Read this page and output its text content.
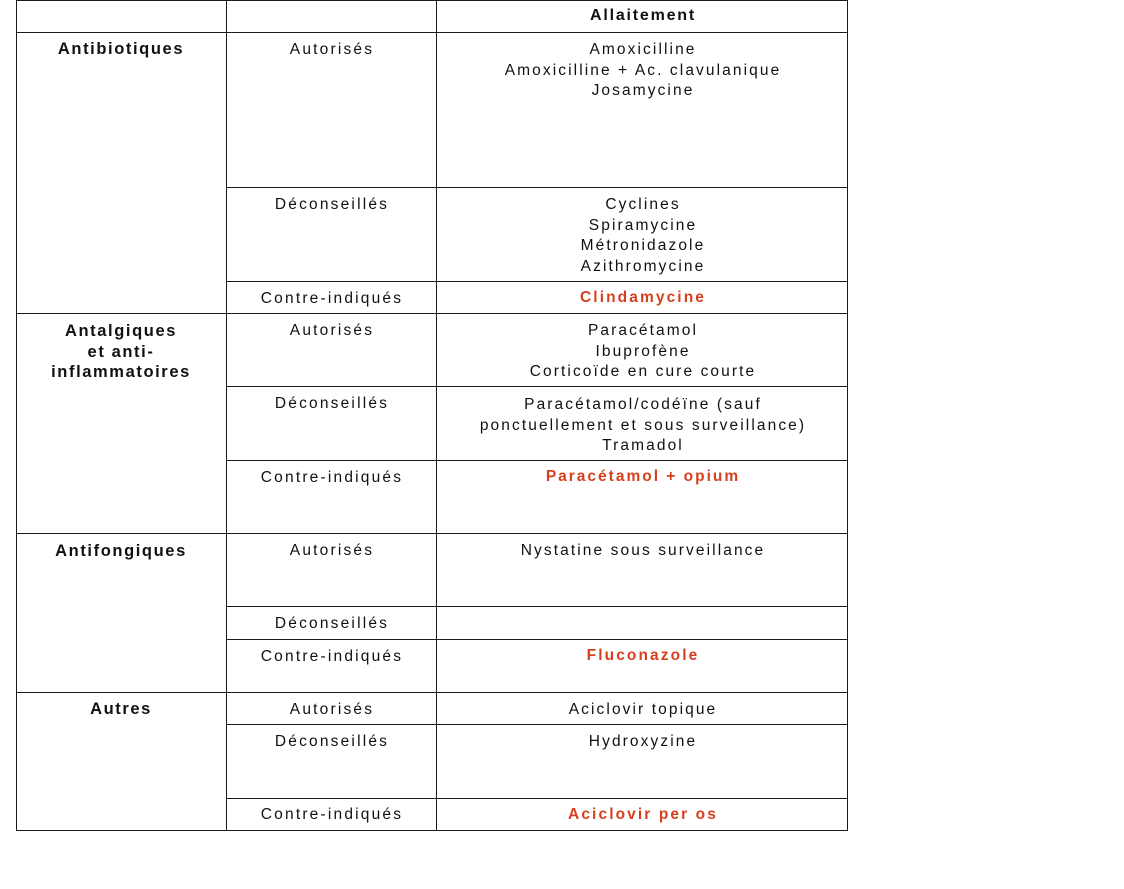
Allaitement
Antibiotiques	Autorisés	Amoxicilline
Amoxicilline + Ac. clavulanique
Josamycine
Déconseillés	Cyclines
Spiramycine
Métronidazole
Azithromycine
Contre-indiqués	Clindamycine
Antalgiques
et anti-
inflammatoires
Autorisés	Paracétamol
Ibuprofène
Corticoïde en cure courte
Déconseillés	Paracétamol/codéïne (sauf
ponctuellement et sous surveillance)
Tramadol
Contre-indiqués	Paracétamol + opium
Antifongiques	Autorisés	Nystatine sous surveillance
Déconseillés
Contre-indiqués	Fluconazole
Autres	Autorisés	Aciclovir topique
Déconseillés	Hydroxyzine
Contre-indiqués	Aciclovir per os
